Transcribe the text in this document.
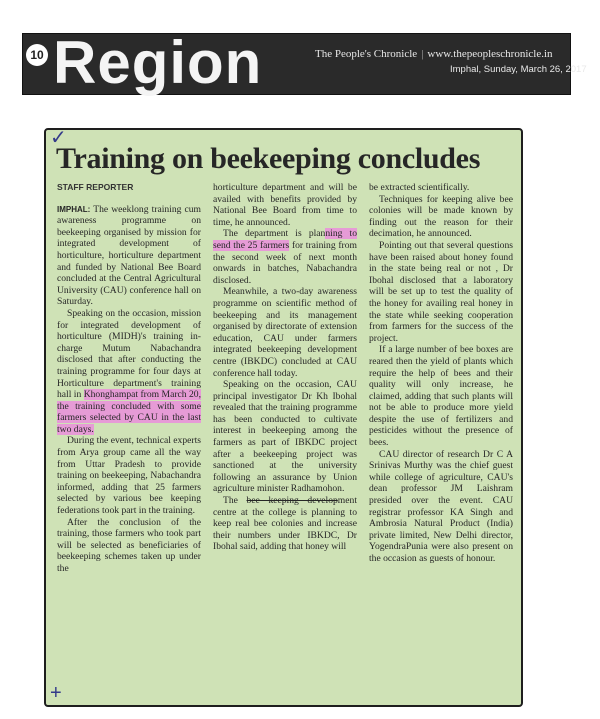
10 Region	The People's Chronicle | www.thepeopleschronicle.in
Imphal, Sunday, March 26, 2017
✓
+
Training on beekeeping concludes
STAFF REPORTER

IMPHAL: The weeklong training cum awareness programme on beekeeping organised by mission for integrated development of horticulture, horticulture department and funded by National Bee Board concluded at the Central Agricultural University (CAU) conference hall on Saturday.

Speaking on the occasion, mission for integrated development of horticulture (MIDH)'s training in-charge Mutum Nabachandra disclosed that after conducting the training programme for four days at Horticulture department's training hall in Khonghampat from March 20, the training concluded with some farmers selected by CAU in the last two days.

During the event, technical experts from Arya group came all the way from Uttar Pradesh to provide training on beekeeping, Nabachandra informed, adding that 25 farmers selected by various bee keeping federations took part in the training.

After the conclusion of the training, those farmers who took part will be selected as beneficiaries of beekeeping schemes taken up under the

horticulture department and will be availed with benefits provided by National Bee Board from time to time, he announced.

The department is planning to send the 25 farmers for training from the second week of next month onwards in batches, Nabachandra disclosed.

Meanwhile, a two-day awareness programme on scientific method of beekeeping and its management organised by directorate of extension education, CAU under farmers integrated beekeeping development centre (IBKDC) concluded at CAU conference hall today.

Speaking on the occasion, CAU principal investigator Dr Kh Ibohal revealed that the training programme has been conducted to cultivate interest in beekeeping among the farmers as part of IBKDC project after a beekeeping project was sanctioned at the university following an assurance by Union agriculture minister Radhamohon.

The bee keeping development centre at the college is planning to keep real bee colonies and increase their numbers under IBKDC, Dr Ibohal said, adding that honey will

be extracted scientifically.

Techniques for keeping alive bee colonies will be made known by finding out the reason for their decimation, he announced.

Pointing out that several questions have been raised about honey found in the state being real or not , Dr Ibohal disclosed that a laboratory will be set up to test the quality of the honey for availing real honey in the state while seeking cooperation from farmers for the success of the project.

If a large number of bee boxes are reared then the yield of plants which require the help of bees and their quality will only increase, he claimed, adding that such plants will not be able to produce more yield despite the use of fertilizers and pesticides without the presence of bees.

CAU director of research Dr C A Srinivas Murthy was the chief guest while college of agriculture, CAU's dean professor JM Laishram presided over the event. CAU registrar professor KA Singh and Ambrosia Natural Product (India) private limited, New Delhi director, YogendraPunia were also present on the occasion as guests of honour.
